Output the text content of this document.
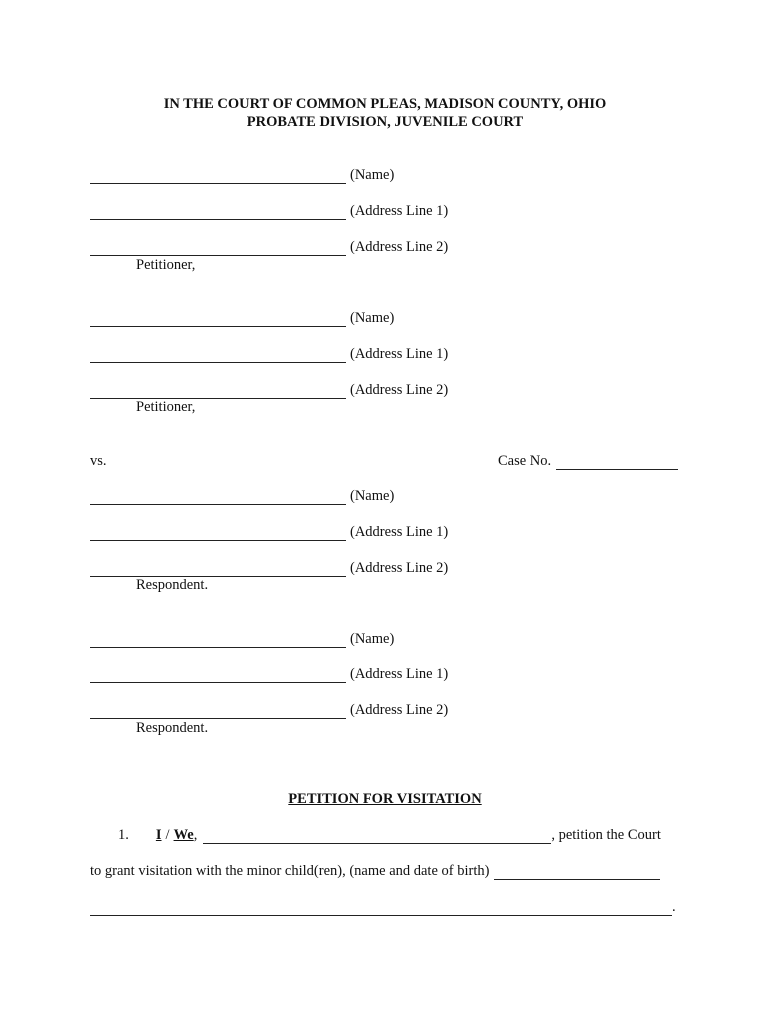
IN THE COURT OF COMMON PLEAS, MADISON COUNTY, OHIO
PROBATE DIVISION, JUVENILE COURT
(Name)
(Address Line 1)
(Address Line 2)
Petitioner,
(Name)
(Address Line 1)
(Address Line 2)
Petitioner,
vs.	Case No.
(Name)
(Address Line 1)
(Address Line 2)
Respondent.
(Name)
(Address Line 1)
(Address Line 2)
Respondent.
PETITION FOR VISITATION
1. I / We ,	, petition the Court
to grant visitation with the minor child(ren), (name and date of birth)
.
